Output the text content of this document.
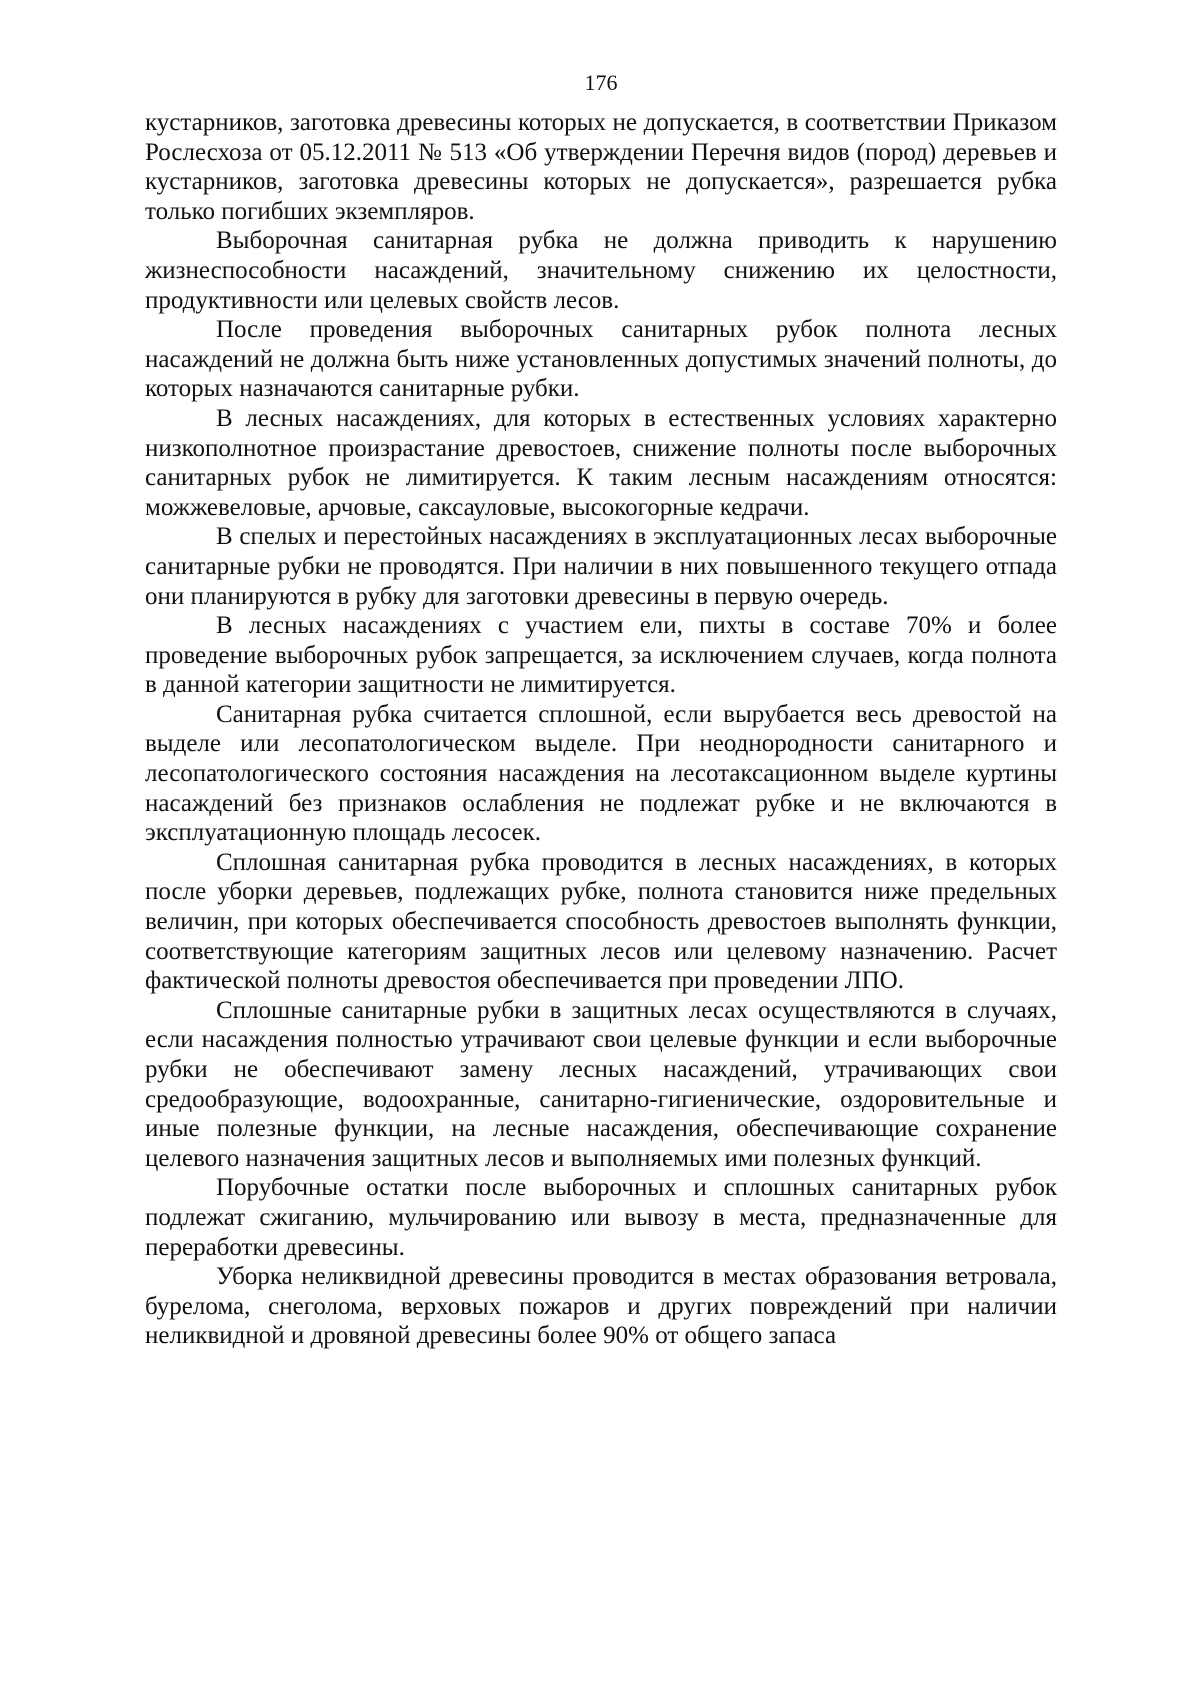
176

кустарников, заготовка древесины которых не допускается, в соответствии Приказом Рослесхоза от 05.12.2011 № 513 «Об утверждении Перечня видов (пород) деревьев и кустарников, заготовка древесины которых не допускается», разрешается рубка только погибших экземпляров.

Выборочная санитарная рубка не должна приводить к нарушению жизнеспособности насаждений, значительному снижению их целостности, продуктивности или целевых свойств лесов.

После проведения выборочных санитарных рубок полнота лесных насаждений не должна быть ниже установленных допустимых значений полноты, до которых назначаются санитарные рубки.

В лесных насаждениях, для которых в естественных условиях характерно низкополнотное произрастание древостоев, снижение полноты после выборочных санитарных рубок не лимитируется. К таким лесным насаждениям относятся: можжевеловые, арчовые, саксауловые, высокогорные кедрачи.

В спелых и перестойных насаждениях в эксплуатационных лесах выборочные санитарные рубки не проводятся. При наличии в них повышенного текущего отпада они планируются в рубку для заготовки древесины в первую очередь.

В лесных насаждениях с участием ели, пихты в составе 70% и более проведение выборочных рубок запрещается, за исключением случаев, когда полнота в данной категории защитности не лимитируется.

Санитарная рубка считается сплошной, если вырубается весь древостой на выделе или лесопатологическом выделе. При неоднородности санитарного и лесопатологического состояния насаждения на лесотаксационном выделе куртины насаждений без признаков ослабления не подлежат рубке и не включаются в эксплуатационную площадь лесосек.

Сплошная санитарная рубка проводится в лесных насаждениях, в которых после уборки деревьев, подлежащих рубке, полнота становится ниже предельных величин, при которых обеспечивается способность древостоев выполнять функции, соответствующие категориям защитных лесов или целевому назначению. Расчет фактической полноты древостоя обеспечивается при проведении ЛПО.

Сплошные санитарные рубки в защитных лесах осуществляются в случаях, если насаждения полностью утрачивают свои целевые функции и если выборочные рубки не обеспечивают замену лесных насаждений, утрачивающих свои средообразующие, водоохранные, санитарно-гигиенические, оздоровительные и иные полезные функции, на лесные насаждения, обеспечивающие сохранение целевого назначения защитных лесов и выполняемых ими полезных функций.

Порубочные остатки после выборочных и сплошных санитарных рубок подлежат сжиганию, мульчированию или вывозу в места, предназначенные для переработки древесины.

Уборка неликвидной древесины проводится в местах образования ветровала, бурелома, снеголома, верховых пожаров и других повреждений при наличии неликвидной и дровяной древесины более 90% от общего запаса
